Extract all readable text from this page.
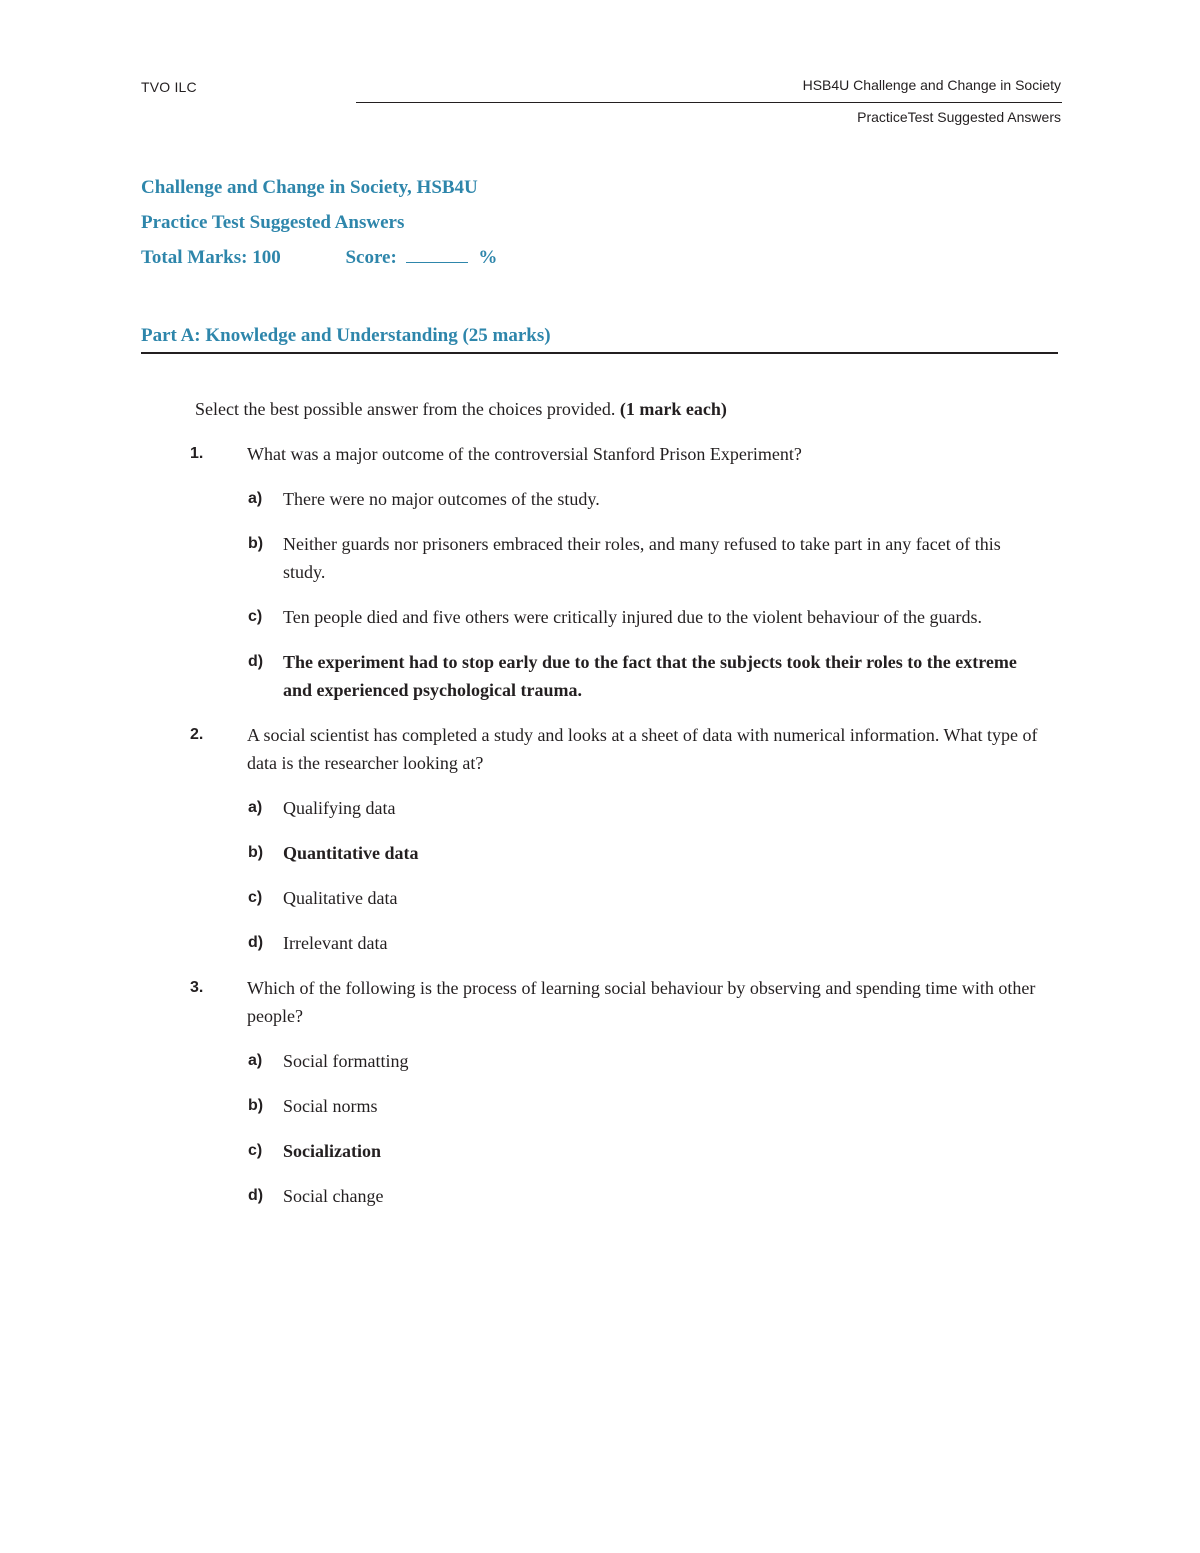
TVO ILC	HSB4U Challenge and Change in Society
PracticeTest Suggested Answers
Challenge and Change in Society, HSB4U
Practice Test Suggested Answers
Total Marks: 100	Score:	%
Part A: Knowledge and Understanding (25 marks)
Select the best possible answer from the choices provided. (1 mark each)
1. What was a major outcome of the controversial Stanford Prison Experiment?
a) There were no major outcomes of the study.
b) Neither guards nor prisoners embraced their roles, and many refused to take part in any facet of this study.
c) Ten people died and five others were critically injured due to the violent behaviour of the guards.
d) The experiment had to stop early due to the fact that the subjects took their roles to the extreme and experienced psychological trauma.
2. A social scientist has completed a study and looks at a sheet of data with numerical information. What type of data is the researcher looking at?
a) Qualifying data
b) Quantitative data
c) Qualitative data
d) Irrelevant data
3. Which of the following is the process of learning social behaviour by observing and spending time with other people?
a) Social formatting
b) Social norms
c) Socialization
d) Social change
